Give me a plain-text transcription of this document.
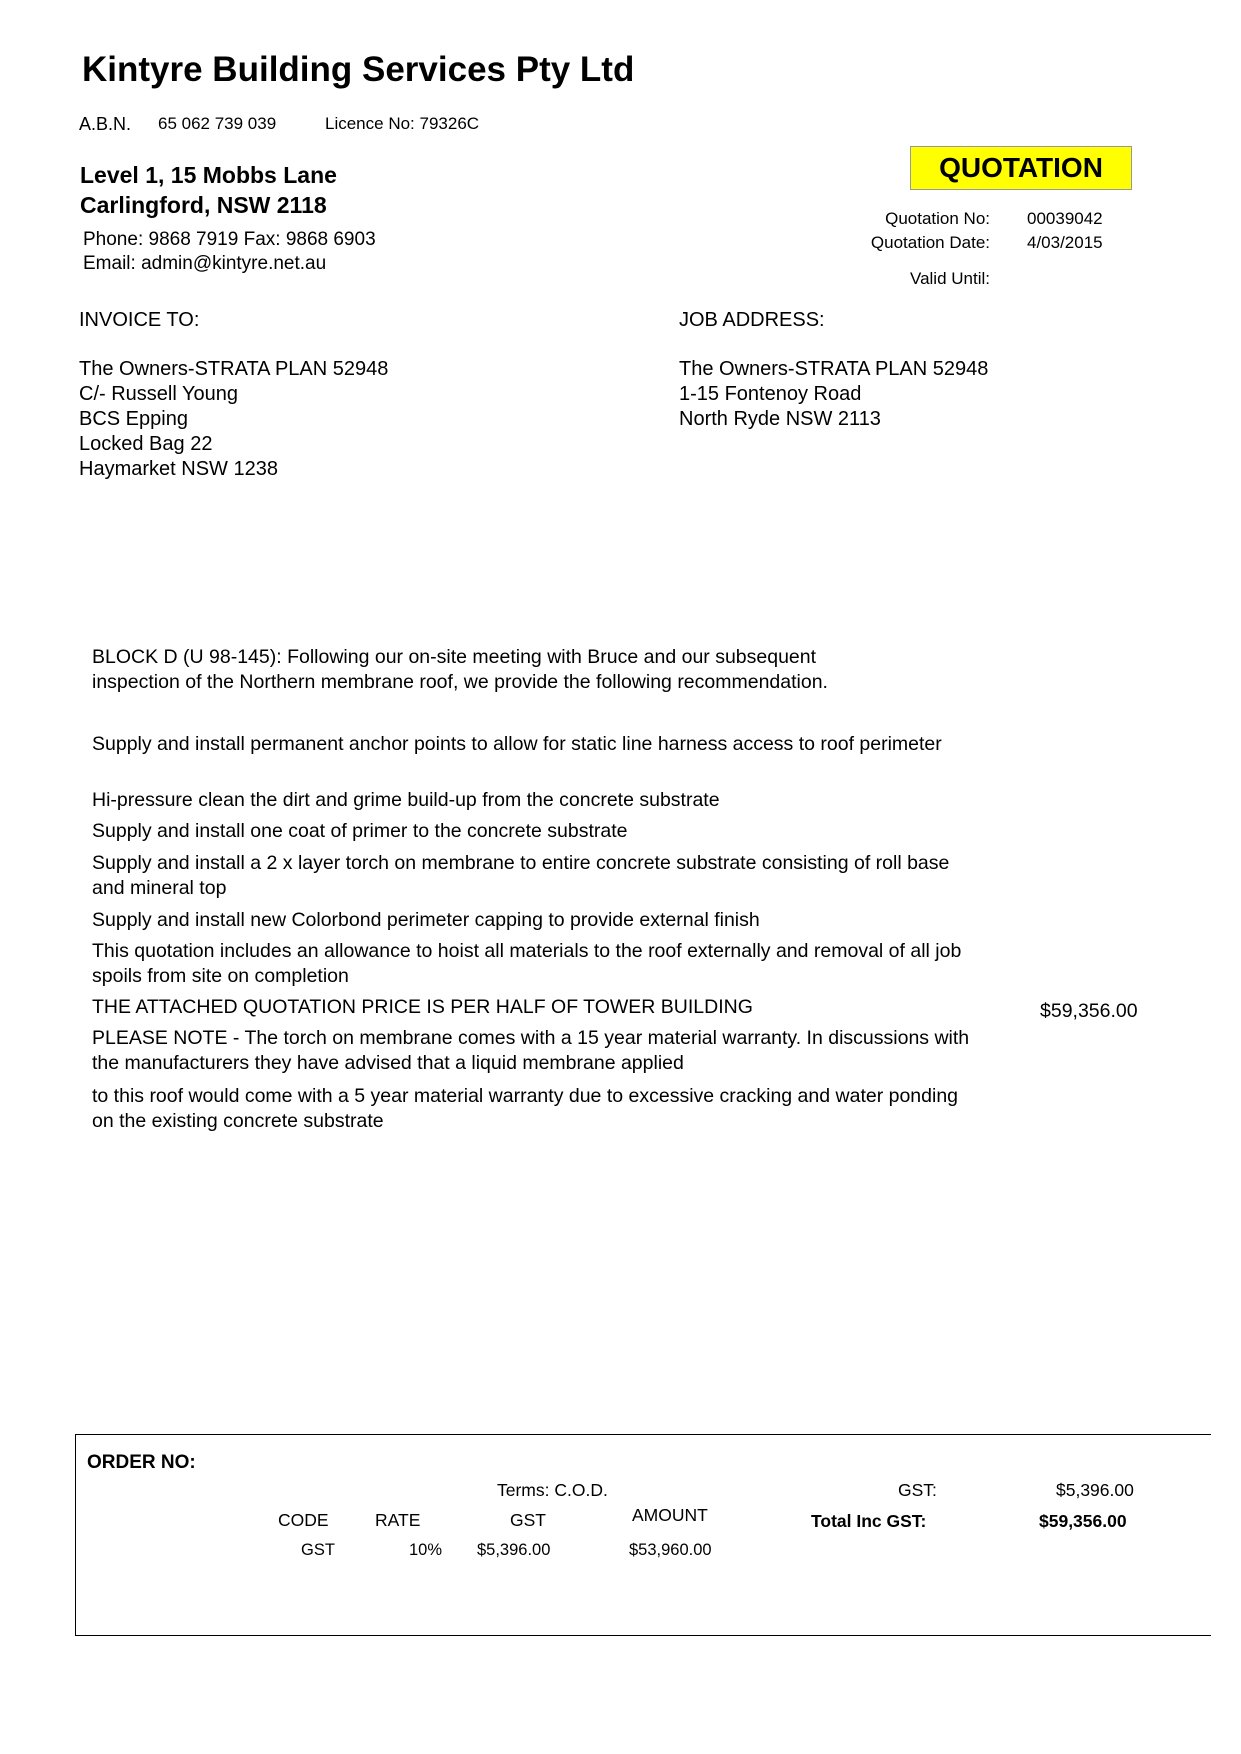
Kintyre Building Services Pty Ltd
A.B.N. 65 062 739 039	Licence No: 79326C
Level 1, 15 Mobbs Lane
Carlingford, NSW 2118
Phone: 9868 7919 Fax: 9868 6903
Email: admin@kintyre.net.au
QUOTATION
Quotation No: 00039042
Quotation Date: 4/03/2015
Valid Until:
INVOICE TO:
The Owners-STRATA PLAN 52948
C/- Russell Young
BCS Epping
Locked Bag 22
Haymarket NSW 1238
JOB ADDRESS:
The Owners-STRATA PLAN 52948
1-15 Fontenoy Road
North Ryde NSW 2113
BLOCK D (U 98-145): Following our on-site meeting with Bruce and our subsequent
inspection of the Northern membrane roof, we provide the following recommendation.
Supply and install permanent anchor points to allow for static line harness access to roof perimeter
Hi-pressure clean the dirt and grime build-up from the concrete substrate
Supply and install one coat of primer to the concrete substrate
Supply and install a 2 x layer torch on membrane to entire concrete substrate consisting of roll base and mineral top
Supply and install new Colorbond perimeter capping to provide external finish
This quotation includes an allowance to hoist all materials to the roof externally and removal of all job spoils from site on completion
THE ATTACHED QUOTATION PRICE IS PER HALF OF TOWER BUILDING	$59,356.00
PLEASE NOTE - The torch on membrane comes with a 15 year material warranty. In discussions with the manufacturers they have advised that a liquid membrane applied
to this roof would come with a 5 year material warranty due to excessive cracking and water ponding on the existing concrete substrate
ORDER NO:
Terms: C.O.D.
CODE	RATE	GST	AMOUNT
GST	10% $5,396.00	$53,960.00
GST:	$5,396.00
Total Inc GST:	$59,356.00
